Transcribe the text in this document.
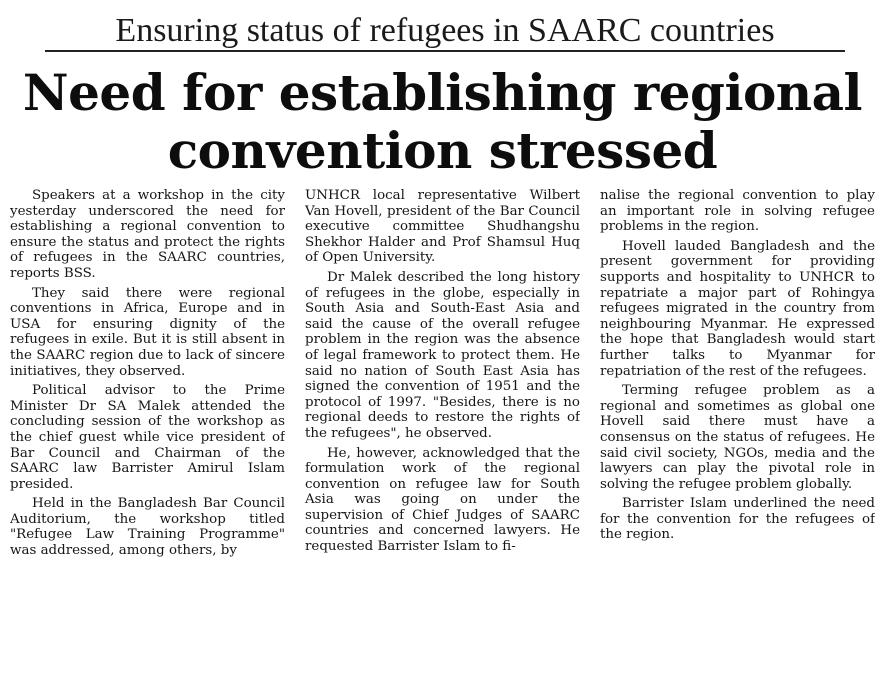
Ensuring status of refugees in SAARC countries
Need for establishing regional
convention stressed

Speakers at a workshop in the city yesterday underscored the need for establishing a regional convention to ensure the status and protect the rights of refugees in the SAARC countries, reports BSS.

They said there were regional conventions in Africa, Europe and in USA for ensuring dignity of the refugees in exile. But it is still absent in the SAARC region due to lack of sincere initiatives, they observed.

Political advisor to the Prime Minister Dr SA Malek attended the concluding session of the workshop as the chief guest while vice president of Bar Council and Chairman of the SAARC law Barrister Amirul Islam presided.

Held in the Bangladesh Bar Council Auditorium, the workshop titled "Refugee Law Training Programme" was addressed, among others, by

UNHCR local representative Wilbert Van Hovell, president of the Bar Council executive committee Shudhangshu Shekhor Halder and Prof Shamsul Huq of Open University.

Dr Malek described the long history of refugees in the globe, especially in South Asia and South-East Asia and said the cause of the overall refugee problem in the region was the absence of legal framework to protect them. He said no nation of South East Asia has signed the convention of 1951 and the protocol of 1997. "Besides, there is no regional deeds to restore the rights of the refugees", he observed.

He, however, acknowledged that the formulation work of the regional convention on refugee law for South Asia was going on under the supervision of Chief Judges of SAARC countries and concerned lawyers. He requested Barrister Islam to fi-

nalise the regional convention to play an important role in solving refugee problems in the region.

Hovell lauded Bangladesh and the present government for providing supports and hospitality to UNHCR to repatriate a major part of Rohingya refugees migrated in the country from neighbouring Myanmar. He expressed the hope that Bangladesh would start further talks to Myanmar for repatriation of the rest of the refugees.

Terming refugee problem as a regional and sometimes as global one Hovell said there must have a consensus on the status of refugees. He said civil society, NGOs, media and the lawyers can play the pivotal role in solving the refugee problem globally.

Barrister Islam underlined the need for the convention for the refugees of the region.
